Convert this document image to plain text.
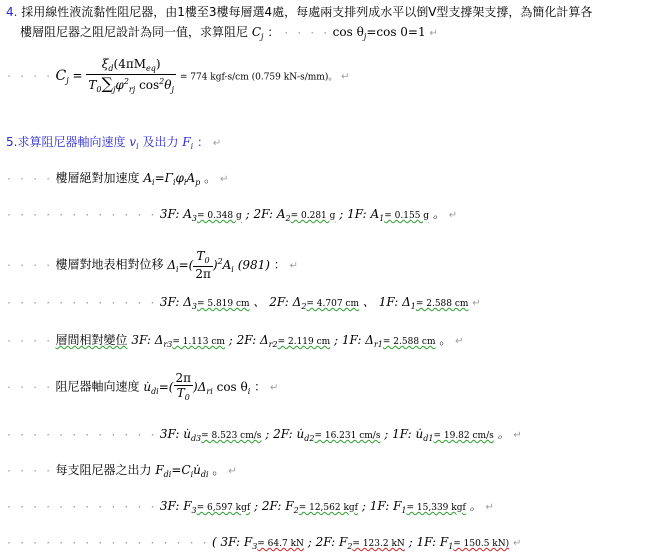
4. 採用線性液流黏性阻尼器，由1樓至3樓每層選4處，每處兩支排列成水平以倒V型支撐架支撐，為簡化計算各
樓層阻尼器之阻尼設計為同一值，求算阻尼 $C_j$ ： · · · · $\cos \theta_j=\cos$ 0=1 ↵
· · · · $C_j = \frac{\xi_d(4\pi M_{eq})}{T_0\sum_j\varphi^2_{rj} \cos^2\theta_j} = 774$ kgf-s/cm (0.759 kN-s/mm)。 ↵
5.求算阻尼器軸向速度 $v_i$ 及出力 $F_i$ ： ↵
· · · · 樓層絕對加速度 $A_i=\Gamma_i\varphi_iA_p$ 。 ↵
· · · · · · · · · · · · 3F: $A_3= 0.348$ g ; 2F: $A_2= 0.281$ g ; 1F: $A_1= 0.155$ g 。 ↵
· · · · 樓層對地表相對位移 $\Delta_i=( \frac{T_0}{2\pi} )^2A_i$ (981) ： ↵
· · · · · · · · · · · · 3F: $\Delta_3= 5.819$ cm 、 2F: $\Delta_2= 4.707$ cm 、 1F: $\Delta_1= 2.588$ cm ↵
· · · · 層間相對變位 3F: $\Delta_{r3}= 1.113$ cm ; 2F: $\Delta_{r2}= 2.119$ cm ; 1F: $\Delta_{r1}= 2.588$ cm 。 ↵
· · · · 阻尼器軸向速度 $u̇_{di}=( \frac{2\pi}{T_0} )\Delta_{ri}$ $\cos \theta_i$ ： ↵
· · · · · · · · · · · · 3F: $u̇_{d3}= 8.523$ cm/s ; 2F: $u̇_{d2}= 16.231$ cm/s ; 1F: $u̇_{d1}= 19.82$ cm/s 。 ↵
· · · · 每支阻尼器之出力 $F_{di}=C_iu̇_{di}$ 。 ↵
· · · · · · · · · · · · 3F: $F_3= 6,597$ kgf ; 2F: $F_2= 12,562$ kgf ; 1F: $F_1= 15,339$ kgf 。 ↵
· · · · · · · · · · · · · · · · ( 3F: $F_3= 64.7$ kN ; 2F: $F_2= 123.2$ kN ; 1F: $F_1= 150.5$ kN) ↵
